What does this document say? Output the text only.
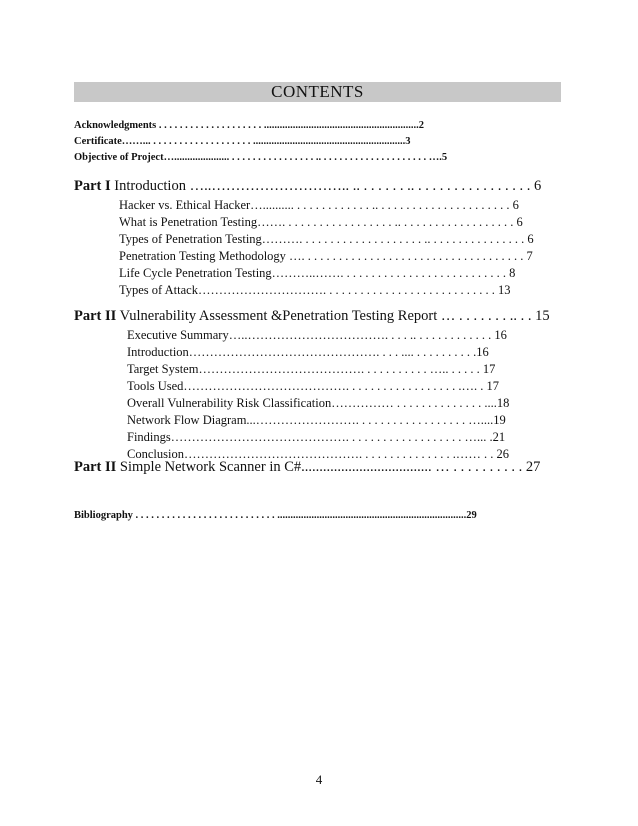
CONTENTS
Acknowledgments . . . . . . . . . . . . . . . . . . . . ...........................................................2
Certificate……... . . . . . . . . . . . . . . . . . . . ..........................................................3
Objective of Project…..................... . . . . . . . . . . . . . . . . .. . . . . . . . . . . . . . . . . . . . . ….5
Part I Introduction …..……………………….. .. . . . . . . .. . . . . . . . . . . . . . . . . 6
Hacker vs. Ethical Hacker….......... . . . . . . . . . . . . .. . . . . . . . . . . . . . . . . . . . . . 6
What is Penetration Testing……. . . . . . . . . . . . . . . . . . .. . . . . . . . . . . . . . . . . . . 6
Types of Penetration Testing………. . . . . . . . . . . . . . . . . . . . .. . . . . . . . . . . . . . . . 6
Penetration Testing Methodology …. . . . . . . . . . . . . . . . . . . . . . . . . . . . . . . . . . . . 7
Life Cycle Penetration Testing………..……. . . . . . . . . . . . . . . . . . . . . . . . . . . 8
Types of Attack…………………………. . . . . . . . . . . . . . . . . . . . . . . . . . . . 13
Part II Vulnerability Assessment &Penetration Testing Report … . . . . . . . .. . . 15
Executive Summary…..……………………………. . . . .. . . . . . . . . . . . . 16
Introduction………………………………………. . . . .... . . . . . . . . . .16
Target System…………………………………. . . . . . . . . . . ….. . . . . . 17
Tools Used…………………………………. . . . . . . . . . . . . . . . . . .…. . 17
Overall Vulnerability Risk Classification…………… . . . . . . . . . . . . . . ....18
Network Flow Diagram...……………………. . . . . . . . . . . . . . . . . . …....19
Findings……………………………………. . . . . . . . . . . . . . . . . . . …... .21
Conclusion……………………………………. . . . . . . . . . . . . . . .…… . . 26
Part II Simple Network Scanner in C#.................................... … . . . . . . . . . . 27
Bibliography . . . . . . . . . . . . . . . . . . . . . . . . . . . ........................................................................29
4
